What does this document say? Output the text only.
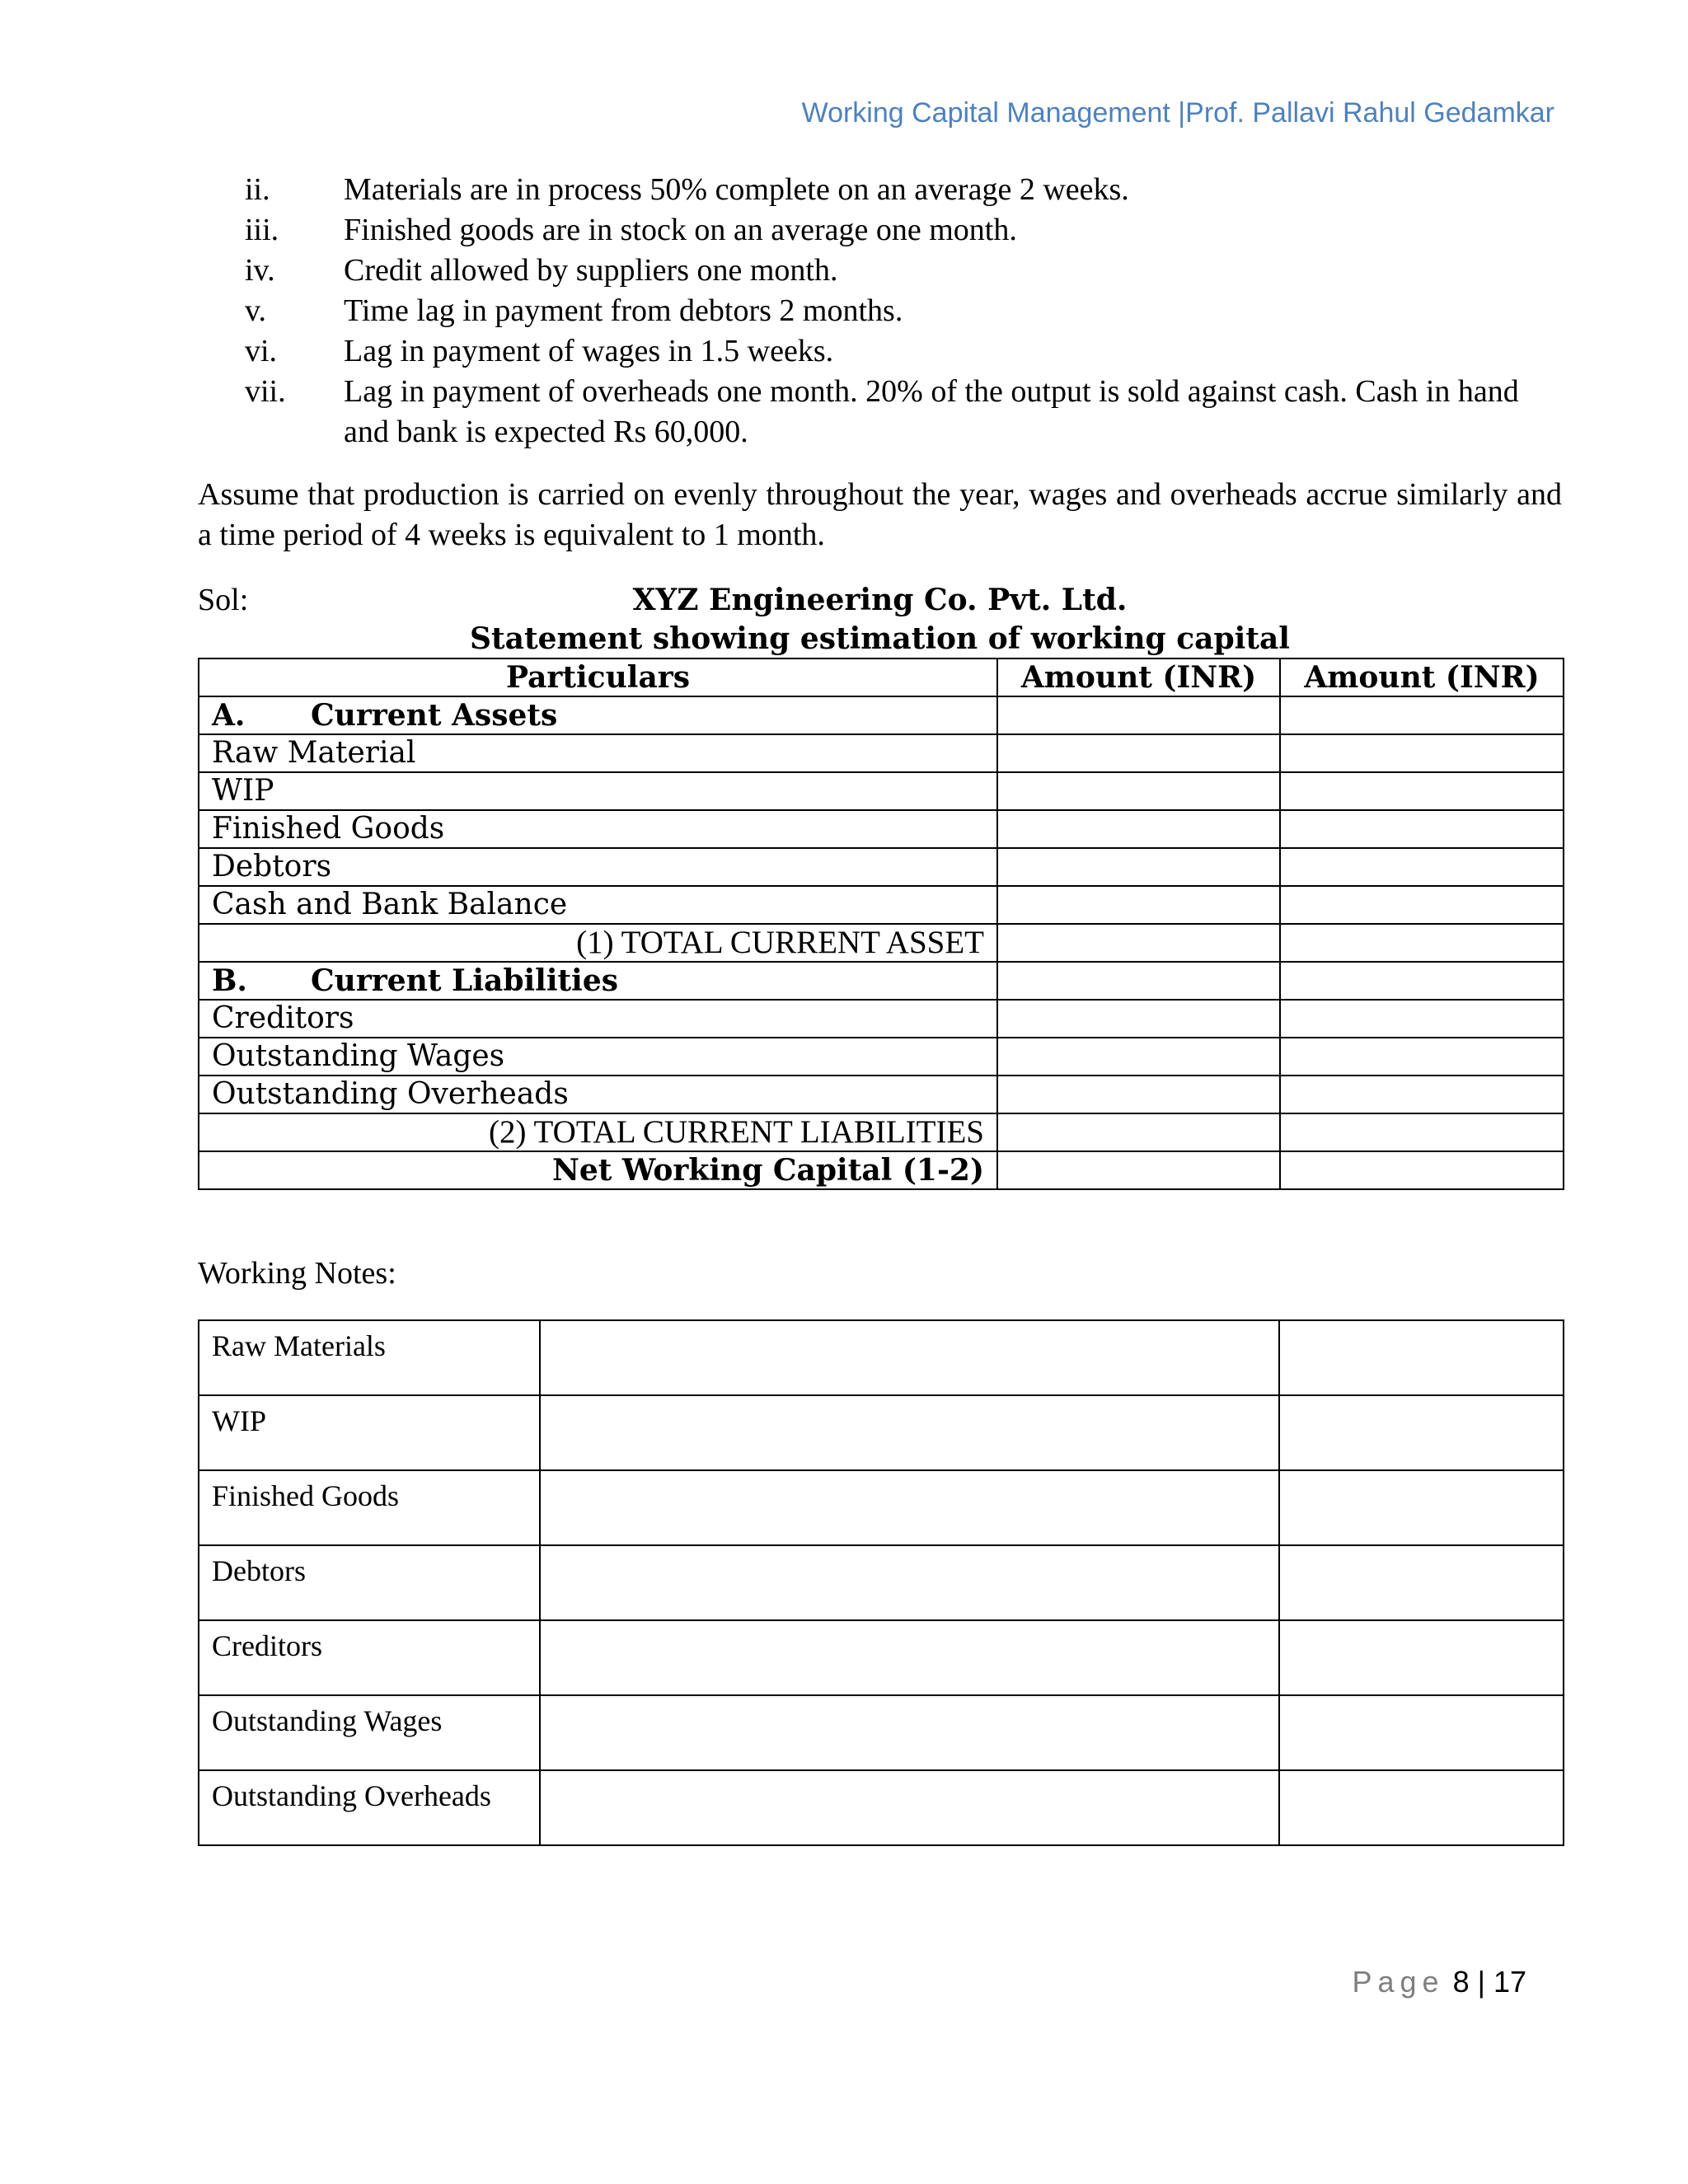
Working Capital Management |Prof. Pallavi Rahul Gedamkar
ii. Materials are in process 50% complete on an average 2 weeks.
iii. Finished goods are in stock on an average one month.
iv. Credit allowed by suppliers one month.
v. Time lag in payment from debtors 2 months.
vi. Lag in payment of wages in 1.5 weeks.
vii. Lag in payment of overheads one month. 20% of the output is sold against cash. Cash in hand and bank is expected Rs 60,000.

Assume that production is carried on evenly throughout the year, wages and overheads accrue similarly and a time period of 4 weeks is equivalent to 1 month.

Sol:	XYZ Engineering Co. Pvt. Ltd.
Statement showing estimation of working capital
Particulars	Amount (INR)	Amount (INR)
A. Current Assets		
Raw Material		
WIP		
Finished Goods		
Debtors		
Cash and Bank Balance		
(1) TOTAL CURRENT ASSET		
B. Current Liabilities		
Creditors		
Outstanding Wages		
Outstanding Overheads		
(2) TOTAL CURRENT LIABILITIES		
Net Working Capital (1-2)		
Working Notes:
Raw Materials		
WIP		
Finished Goods		
Debtors		
Creditors		
Outstanding Wages		
Outstanding Overheads		
Page 8 | 17
